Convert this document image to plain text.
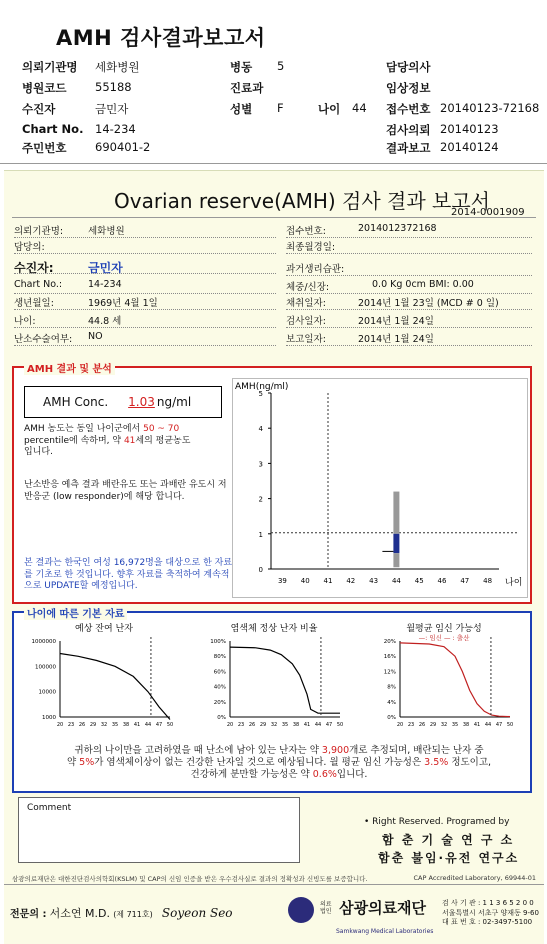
AMH 검사결과보고서
의뢰기관명	세화병원	병동 5	담당의사
병원코드 55188	진료과	임상정보
수진자	금민자	성별 F	나이 44 접수번호 20140123-72168
Chart No. 14-234	검사의뢰 20140123
주민번호 690401-2	결과보고 20140124
Ovarian reserve(AMH) 검사 결과 보고서
2014-0001909
AMH 결과 및 분석
AMH Conc. 1.03 ng/ml
AMH 농도는 동일 나이군에서 50 ~ 70
percentile에 속하며, 약 41세의 평균농도
입니다.
난소반응 예측 결과 배란유도 또는 과배란 유도시 저반응군 (low responder)에 해당 합니다.
본 결과는 한국인 여성 16,972명을 대상으로 한 자료를 기초로 한 것입니다. 향후 자료를 축적하여 계속적으로 UPDATE할 예정입니다.
AMH(ng/ml)
0
1
2
3
4
5
39 40 41 42 43 44 45 46 47 48 나이
나이에 따른 기본 자료
예상 잔여 난자
1000000
100000
10000
1000
20 23 26 29 32 35 38 41 44 47 50
염색체 정상 난자 비율
100%
80%
60%
40%
20%
0%
20 23 26 29 32 35 38 41 44 47 50
월평균 임신 가능성
20%
16%
12%
8%
4%
0%
20 23 26 29 32 35 38 41 44 47 50
—: 임신 — : 출산
귀하의 나이만을 고려하였을 때 난소에 남아 있는 난자는 약 3,900개로 추정되며, 배란되는 난자 중
약 5%가 염색체이상이 없는 건강한 난자일 것으로 예상됩니다. 월 평균 임신 가능성은 3.5% 정도이고,
건강하게 분만할 가능성은 약 0.6%입니다.
Comment
• Right Reserved. Programed by
함 춘 기 술 연 구 소
함춘 불임·유전 연구소
삼광의료재단은 대한진단검사의학회(KSLM) 및 CAP의 신임 인증을 받은 우수검사실로 결과의 정확성과 신빙도를 보증합니다.	CAP Accredited Laboratory, 69944-01
전문의 : 서소연 M.D. (제 711호) Soyeon Seo
의료법인 삼광의료재단
Samkwang Medical Laboratories
검 사 기 관 : 1 1 3 6 5 2 0 0
서울특별시 서초구 양재동 9-60
대 표 번 호 : 02-3497-5100
의뢰기관명:	세화병원
담당의:
수진자:	금민자
Chart No.:	14-234
생년월일:	1969년 4월 1일
나이:	44.8 세
난소수술여부: NO
접수번호:	2014012372168
최종월경일:
과거생리습관:
체중/신장:	0.0 Kg 0cm BMI: 0.00
채취일자:	2014년 1월 23일 (MCD # 0 일)
검사일자:	2014년 1월 24일
보고일자:	2014년 1월 24일
